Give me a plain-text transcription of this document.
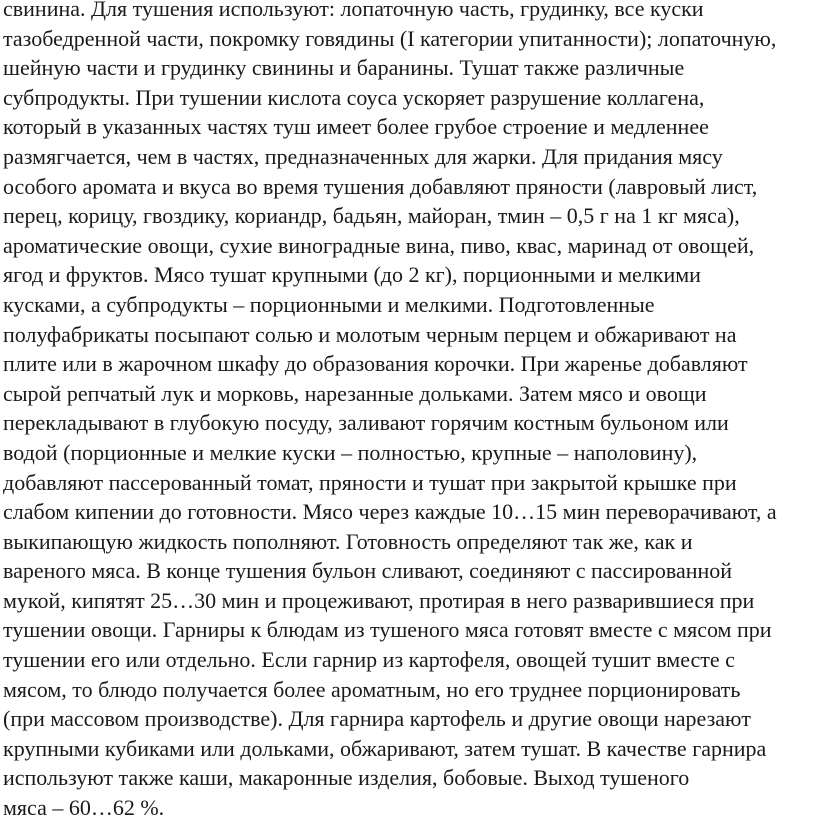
свинина. Для тушения используют: лопаточную часть, грудинку, все куски
тазобедренной части, покромку говядины (I категории упитанности); лопаточную,
шейную части и грудинку свинины и баранины. Тушат также различные
субпродукты. При тушении кислота соуса ускоряет разрушение коллагена,
который в указанных частях туш имеет более грубое строение и медленнее
размягчается, чем в частях, предназначенных для жарки. Для придания мясу
особого аромата и вкуса во время тушения добавляют пряности (лавровый лист,
перец, корицу, гвоздику, кориандр, бадьян, майоран, тмин – 0,5 г на 1 кг мяса),
ароматические овощи, сухие виноградные вина, пиво, квас, маринад от овощей,
ягод и фруктов. Мясо тушат крупными (до 2 кг), порционными и мелкими
кусками, а субпродукты – порционными и мелкими. Подготовленные
полуфабрикаты посыпают солью и молотым черным перцем и обжаривают на
плите или в жарочном шкафу до образования корочки. При жаренье добавляют
сырой репчатый лук и морковь, нарезанные дольками. Затем мясо и овощи
перекладывают в глубокую посуду, заливают горячим костным бульоном или
водой (порционные и мелкие куски – полностью, крупные – наполовину),
добавляют пассерованный томат, пряности и тушат при закрытой крышке при
слабом кипении до готовности. Мясо через каждые 10…15 мин переворачивают, а
выкипающую жидкость пополняют. Готовность определяют так же, как и
вареного мяса. В конце тушения бульон сливают, соединяют с пассированной
мукой, кипятят 25…30 мин и процеживают, протирая в него разварившиеся при
тушении овощи. Гарниры к блюдам из тушеного мяса готовят вместе с мясом при
тушении его или отдельно. Если гарнир из картофеля, овощей тушит вместе с
мясом, то блюдо получается более ароматным, но его труднее порционировать
(при массовом производстве). Для гарнира картофель и другие овощи нарезают
крупными кубиками или дольками, обжаривают, затем тушат. В качестве гарнира
используют также каши, макаронные изделия, бобовые. Выход тушеного
мяса – 60…62 %.
